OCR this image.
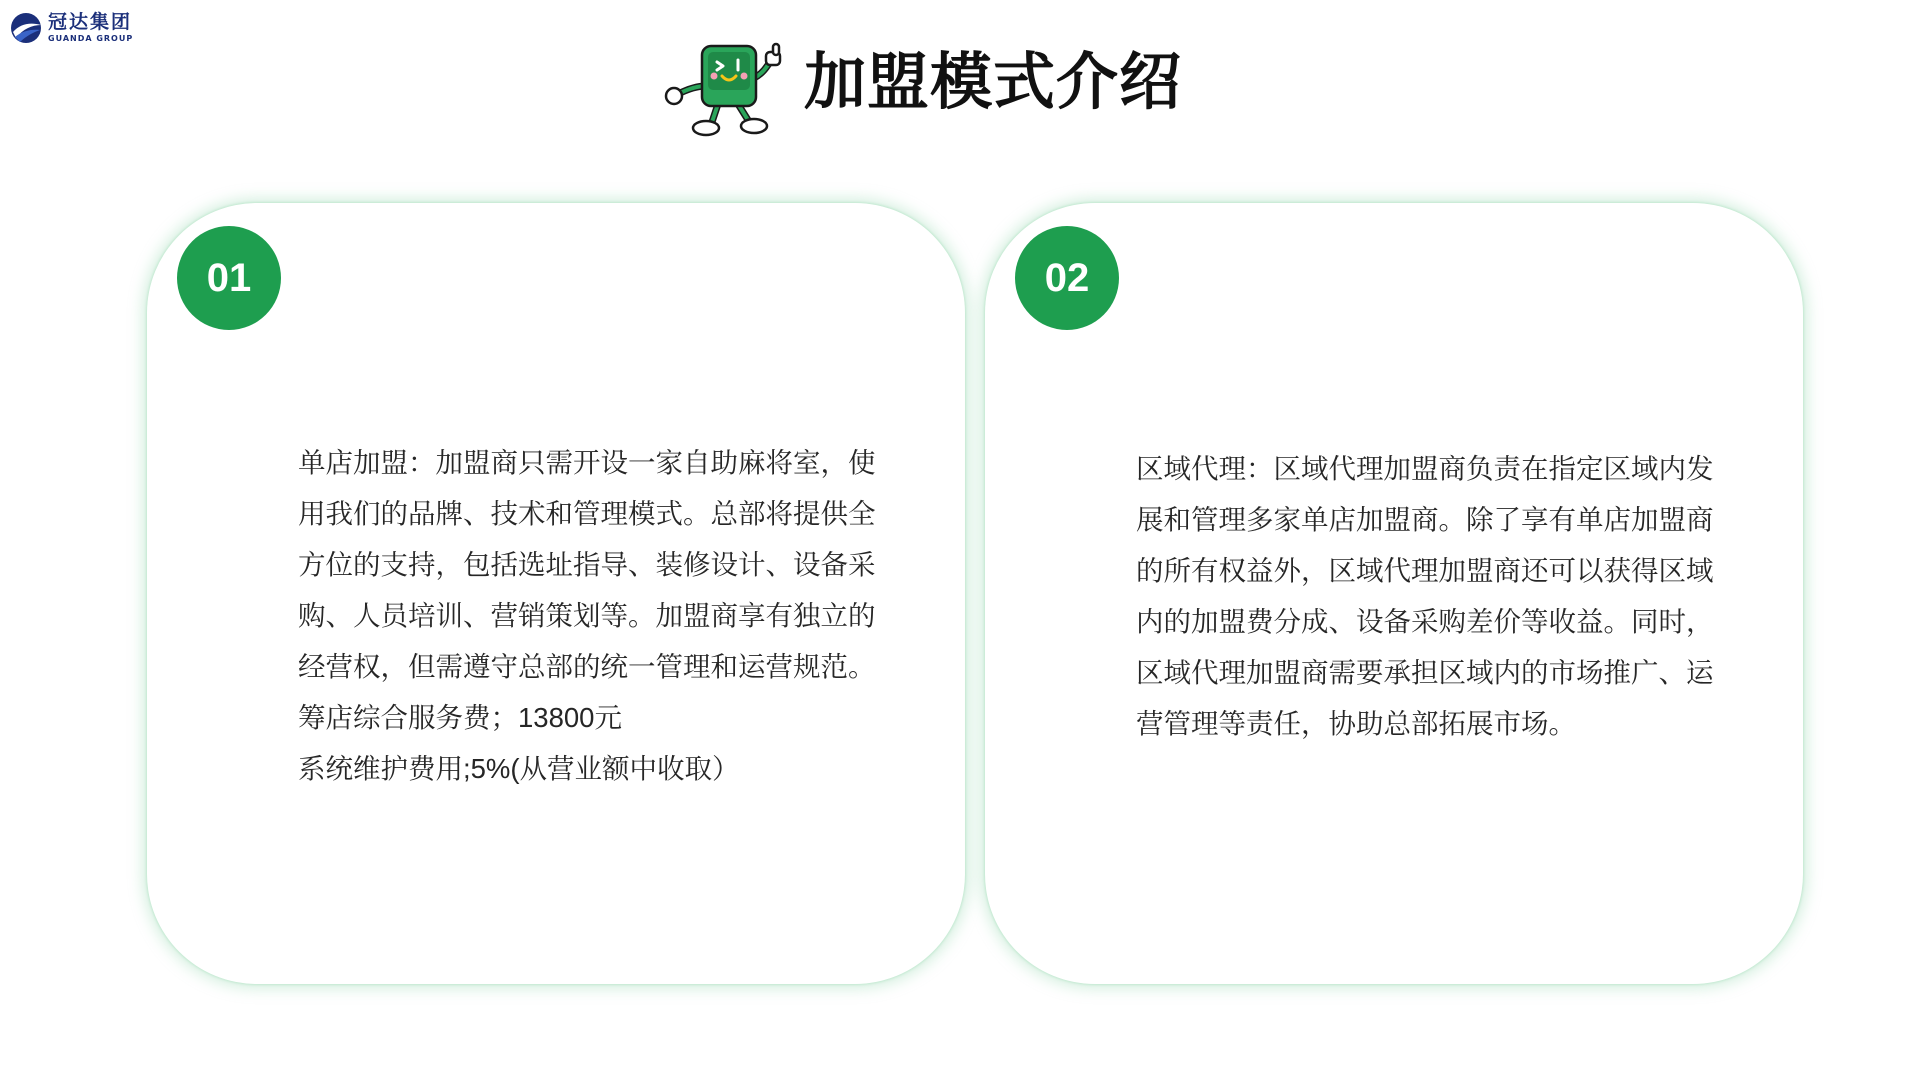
冠达集团
GUANDA GROUP
加盟模式介绍
01
单店加盟：加盟商只需开设一家自助麻将室，使
用我们的品牌、技术和管理模式。总部将提供全
方位的支持，包括选址指导、装修设计、设备采
购、人员培训、营销策划等。加盟商享有独立的
经营权，但需遵守总部的统一管理和运营规范。
筹店综合服务费；13800元
系统维护费用;5%(从营业额中收取）
02
区域代理：区域代理加盟商负责在指定区域内发
展和管理多家单店加盟商。除了享有单店加盟商
的所有权益外，区域代理加盟商还可以获得区域
内的加盟费分成、设备采购差价等收益。同时，
区域代理加盟商需要承担区域内的市场推广、运
营管理等责任，协助总部拓展市场。
